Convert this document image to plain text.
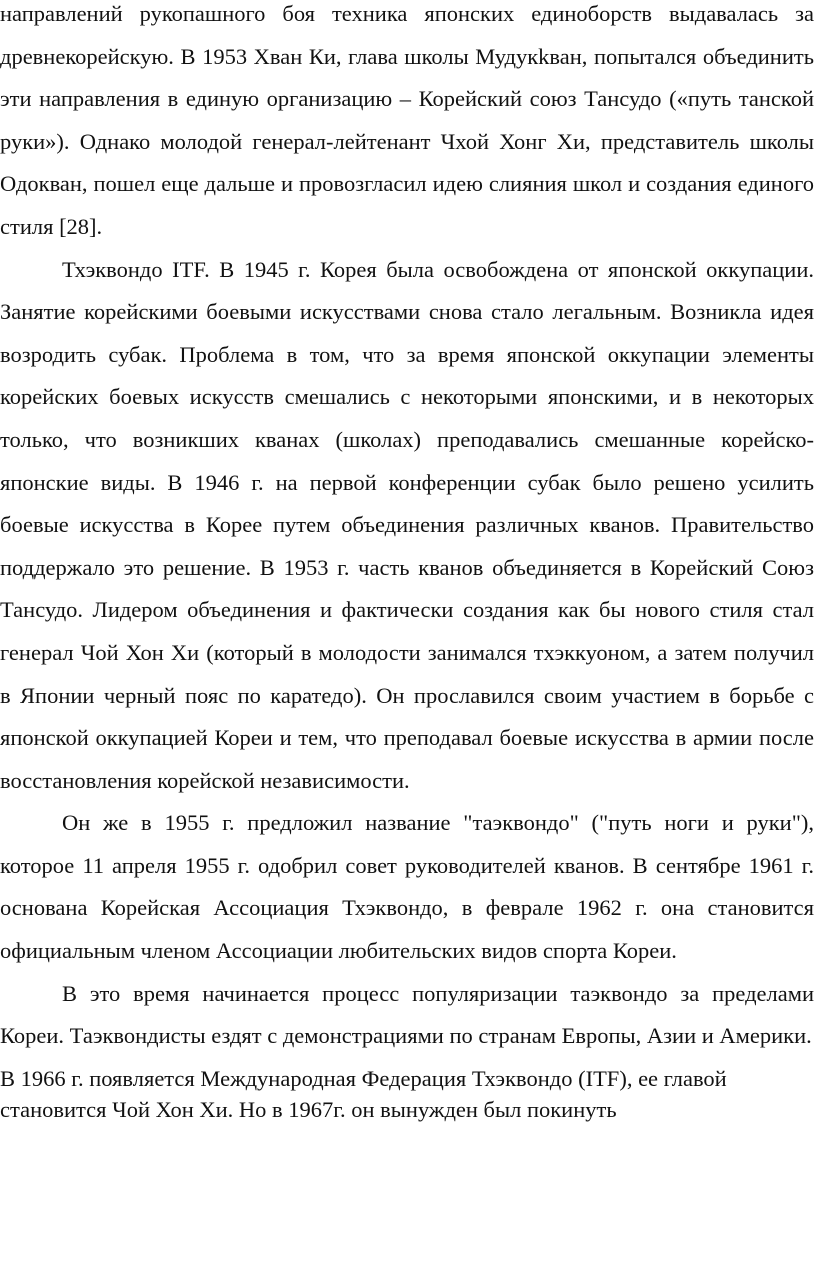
направлений рукопашного боя техника японских единоборств выдавалась за древнекорейскую. В 1953 Хван Ки, глава школы Мудукkван, попытался объединить эти направления в единую организацию – Корейский союз Тансудо («путь танской руки»). Однако молодой генерал-лейтенант Чхой Хонг Хи, представитель школы Одокван, пошел еще дальше и провозгласил идею слияния школ и создания единого стиля [28].

Тхэквондо ITF. В 1945 г. Корея была освобождена от японской оккупации. Занятие корейскими боевыми искусствами снова стало легальным. Возникла идея возродить субак. Проблема в том, что за время японской оккупации элементы корейских боевых искусств смешались с некоторыми японскими, и в некоторых только, что возникших кванах (школах) преподавались смешанные корейско-японские виды. В 1946 г. на первой конференции субак было решено усилить боевые искусства в Корее путем объединения различных кванов. Правительство поддержало это решение. В 1953 г. часть кванов объединяется в Корейский Союз Тансудо. Лидером объединения и фактически создания как бы нового стиля стал генерал Чой Хон Хи (который в молодости занимался тхэккуоном, а затем получил в Японии черный пояс по каратедо). Он прославился своим участием в борьбе с японской оккупацией Кореи и тем, что преподавал боевые искусства в армии после восстановления корейской независимости.

Он же в 1955 г. предложил название "таэквондо" ("путь ноги и руки"), которое 11 апреля 1955 г. одобрил совет руководителей кванов. В сентябре 1961 г. основана Корейская Ассоциация Тхэквондо, в феврале 1962 г. она становится официальным членом Ассоциации любительских видов спорта Кореи.

В это время начинается процесс популяризации таэквондо за пределами Кореи. Таэквондисты ездят с демонстрациями по странам Европы, Азии и Америки.

В 1966 г. появляется Международная Федерация Тхэквондо (ITF), ее главой становится Чой Хон Хи. Но в 1967г. он вынужден был покинуть
